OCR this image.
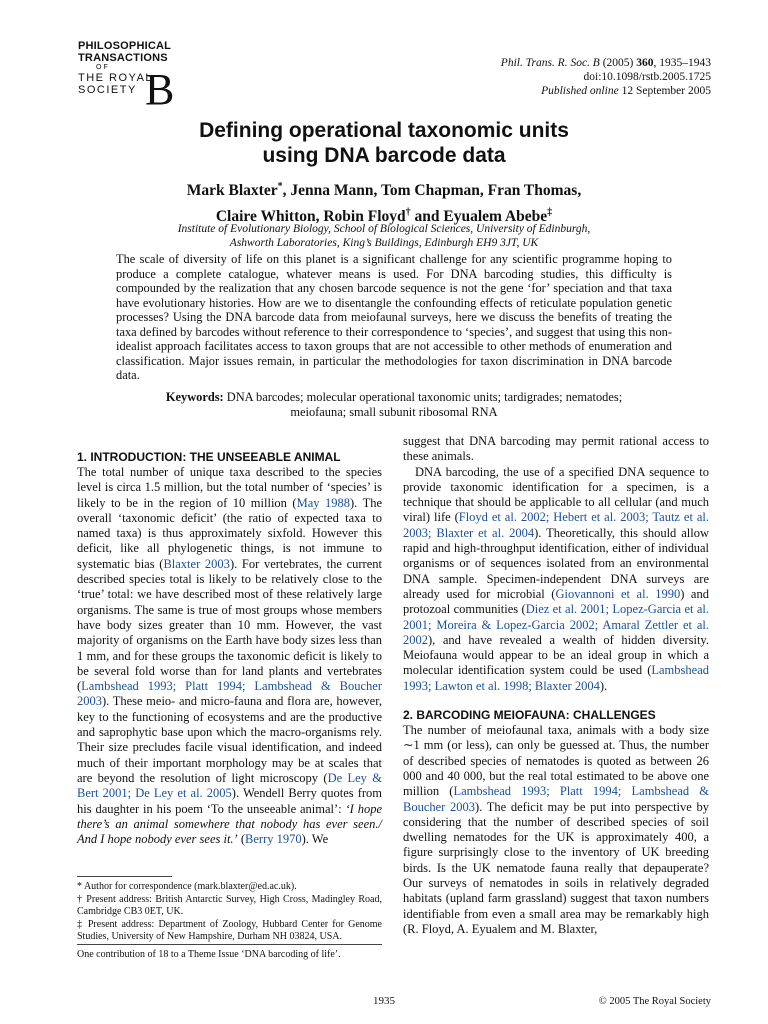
PHILOSOPHICAL
TRANSACTIONS
OF
THE ROYAL
SOCIETY B
Phil. Trans. R. Soc. B (2005) 360, 1935–1943
doi:10.1098/rstb.2005.1725
Published online 12 September 2005
Defining operational taxonomic units
using DNA barcode data
Mark Blaxter*, Jenna Mann, Tom Chapman, Fran Thomas,
Claire Whitton, Robin Floyd† and Eyualem Abebe‡
Institute of Evolutionary Biology, School of Biological Sciences, University of Edinburgh,
Ashworth Laboratories, King’s Buildings, Edinburgh EH9 3JT, UK
The scale of diversity of life on this planet is a significant challenge for any scientific programme hoping to produce a complete catalogue, whatever means is used. For DNA barcoding studies, this difficulty is compounded by the realization that any chosen barcode sequence is not the gene ‘for’ speciation and that taxa have evolutionary histories. How are we to disentangle the confounding effects of reticulate population genetic processes? Using the DNA barcode data from meiofaunal surveys, here we discuss the benefits of treating the taxa defined by barcodes without reference to their correspondence to ‘species’, and suggest that using this non-idealist approach facilitates access to taxon groups that are not accessible to other methods of enumeration and classification. Major issues remain, in particular the methodologies for taxon discrimination in DNA barcode data.
Keywords: DNA barcodes; molecular operational taxonomic units; tardigrades; nematodes;
meiofauna; small subunit ribosomal RNA
1. INTRODUCTION: THE UNSEEABLE ANIMAL

The total number of unique taxa described to the species level is circa 1.5 million, but the total number of ‘species’ is likely to be in the region of 10 million (May 1988). The overall ‘taxonomic deficit’ (the ratio of expected taxa to named taxa) is thus approximately sixfold. However this deficit, like all phylogenetic things, is not immune to systematic bias (Blaxter 2003). For vertebrates, the current described species total is likely to be relatively close to the ‘true’ total: we have described most of these relatively large organisms. The same is true of most groups whose members have body sizes greater than 10 mm. However, the vast majority of organisms on the Earth have body sizes less than 1 mm, and for these groups the taxonomic deficit is likely to be several fold worse than for land plants and vertebrates (Lambshead 1993; Platt 1994; Lambshead & Boucher 2003). These meio- and micro-fauna and flora are, however, key to the functioning of ecosystems and are the productive and saprophytic base upon which the macro-organisms rely. Their size precludes facile visual identification, and indeed much of their important morphology may be at scales that are beyond the resolution of light microscopy (De Ley & Bert 2001; De Ley et al. 2005). Wendell Berry quotes from his daughter in his poem ‘To the unseeable animal’: ‘I hope there’s an animal somewhere that nobody has ever seen./ And I hope nobody ever sees it.’ (Berry 1970). We

suggest that DNA barcoding may permit rational access to these animals.

DNA barcoding, the use of a specified DNA sequence to provide taxonomic identification for a specimen, is a technique that should be applicable to all cellular (and much viral) life (Floyd et al. 2002; Hebert et al. 2003; Tautz et al. 2003; Blaxter et al. 2004). Theoretically, this should allow rapid and high-throughput identification, either of individual organisms or of sequences isolated from an environmental DNA sample. Specimen-independent DNA surveys are already used for microbial (Giovannoni et al. 1990) and protozoal communities (Diez et al. 2001; Lopez-Garcia et al. 2001; Moreira & Lopez-Garcia 2002; Amaral Zettler et al. 2002), and have revealed a wealth of hidden diversity. Meiofauna would appear to be an ideal group in which a molecular identification system could be used (Lambshead 1993; Lawton et al. 1998; Blaxter 2004).

2. BARCODING MEIOFAUNA: CHALLENGES

The number of meiofaunal taxa, animals with a body size ∼1 mm (or less), can only be guessed at. Thus, the number of described species of nematodes is quoted as between 26 000 and 40 000, but the real total estimated to be above one million (Lambshead 1993; Platt 1994; Lambshead & Boucher 2003). The deficit may be put into perspective by considering that the number of described species of soil dwelling nematodes for the UK is approximately 400, a figure surprisingly close to the inventory of UK breeding birds. Is the UK nematode fauna really that depauperate? Our surveys of nematodes in soils in relatively degraded habitats (upland farm grassland) suggest that taxon numbers identifiable from even a small area may be remarkably high (R. Floyd, A. Eyualem and M. Blaxter,

* Author for correspondence (mark.blaxter@ed.ac.uk).
† Present address: British Antarctic Survey, High Cross, Madingley Road, Cambridge CB3 0ET, UK.
‡ Present address: Department of Zoology, Hubbard Center for Genome Studies, University of New Hampshire, Durham NH 03824, USA.
One contribution of 18 to a Theme Issue ‘DNA barcoding of life’.
1935	© 2005 The Royal Society
